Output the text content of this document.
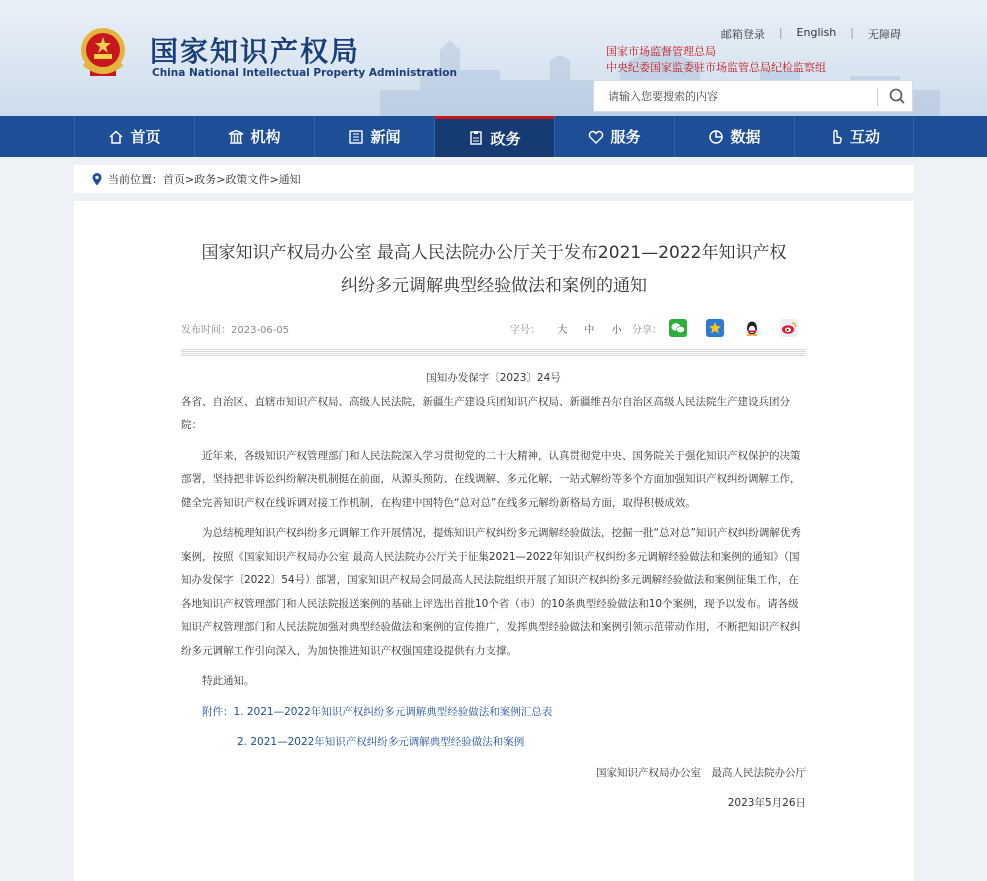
国家知识产权局
China National Intellectual Property Administration
邮箱登录	|	English	|	无障碍
国家市场监督管理总局
中央纪委国家监委驻市场监管总局纪检监察组
请输入您要搜索的内容
首页	机构	新闻	政务	服务	数据	互动
当前位置： 首页 > 政务 > 政策文件 > 通知
国家知识产权局办公室 最高人民法院办公厅关于发布2021—2022年知识产权
纠纷多元调解典型经验做法和案例的通知
发布时间：2023-06-05	字号： 大 中 小 分享：

国知办发保字〔2023〕24号

各省、自治区、直辖市知识产权局、高级人民法院，新疆生产建设兵团知识产权局、新疆维吾尔自治区高级人民法院生产建设兵团分院：

近年来，各级知识产权管理部门和人民法院深入学习贯彻党的二十大精神，认真贯彻党中央、国务院关于强化知识产权保护的决策部署，坚持把非诉讼纠纷解决机制挺在前面，从源头预防、在线调解、多元化解、一站式解纷等多个方面加强知识产权纠纷调解工作，健全完善知识产权在线诉调对接工作机制，在构建中国特色“总对总”在线多元解纷新格局方面，取得积极成效。

为总结梳理知识产权纠纷多元调解工作开展情况，提炼知识产权纠纷多元调解经验做法，挖掘一批“总对总”知识产权纠纷调解优秀案例，按照《国家知识产权局办公室 最高人民法院办公厅关于征集2021—2022年知识产权纠纷多元调解经验做法和案例的通知》（国知办发保字〔2022〕54号）部署，国家知识产权局会同最高人民法院组织开展了知识产权纠纷多元调解经验做法和案例征集工作，在各地知识产权管理部门和人民法院报送案例的基础上评选出首批10个省（市）的10条典型经验做法和10个案例，现予以发布。请各级知识产权管理部门和人民法院加强对典型经验做法和案例的宣传推广，发挥典型经验做法和案例引领示范带动作用，不断把知识产权纠纷多元调解工作引向深入，为加快推进知识产权强国建设提供有力支撑。

特此通知。

附件：1. 2021—2022年知识产权纠纷多元调解典型经验做法和案例汇总表

2. 2021—2022年知识产权纠纷多元调解典型经验做法和案例

国家知识产权局办公室　最高人民法院办公厅

2023年5月26日
